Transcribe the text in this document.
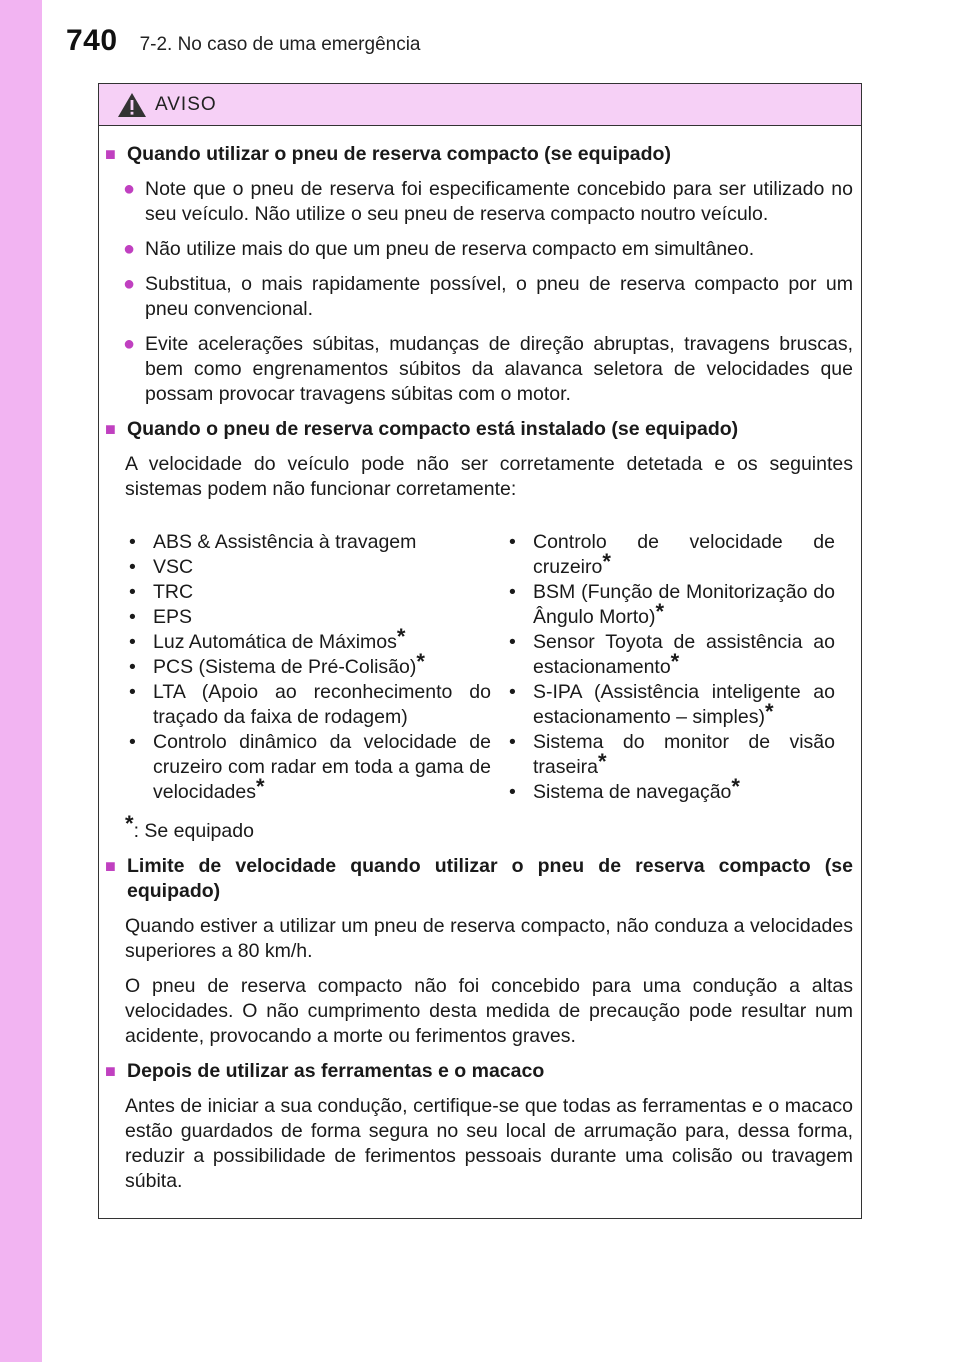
740 7-2. No caso de uma emergência
AVISO
■ Quando utilizar o pneu de reserva compacto (se equipado)
● Note que o pneu de reserva foi especificamente concebido para ser utilizado no seu veículo. Não utilize o seu pneu de reserva compacto noutro veículo.
● Não utilize mais do que um pneu de reserva compacto em simultâneo.
● Substitua, o mais rapidamente possível, o pneu de reserva compacto por um pneu convencional.
● Evite acelerações súbitas, mudanças de direção abruptas, travagens bruscas, bem como engrenamentos súbitos da alavanca seletora de velocidades que possam provocar travagens súbitas com o motor.
■ Quando o pneu de reserva compacto está instalado (se equipado)
A velocidade do veículo pode não ser corretamente detetada e os seguintes sistemas podem não funcionar corretamente:
• ABS & Assistência à travagem
• VSC
• TRC
• EPS
• Luz Automática de Máximos*
• PCS (Sistema de Pré-Colisão)*
• LTA (Apoio ao reconhecimento do traçado da faixa de rodagem)
• Controlo dinâmico da velocidade de cruzeiro com radar em toda a gama de velocidades*
• Controlo de velocidade de cruzeiro*
• BSM (Função de Monitorização do Ângulo Morto)*
• Sensor Toyota de assistência ao estacionamento*
• S-IPA (Assistência inteligente ao estacionamento – simples)*
• Sistema do monitor de visão traseira*
• Sistema de navegação*
*: Se equipado
■ Limite de velocidade quando utilizar o pneu de reserva compacto (se equipado)
Quando estiver a utilizar um pneu de reserva compacto, não conduza a velocidades superiores a 80 km/h.
O pneu de reserva compacto não foi concebido para uma condução a altas velocidades. O não cumprimento desta medida de precaução pode resultar num acidente, provocando a morte ou ferimentos graves.
■ Depois de utilizar as ferramentas e o macaco
Antes de iniciar a sua condução, certifique-se que todas as ferramentas e o macaco estão guardados de forma segura no seu local de arrumação para, dessa forma, reduzir a possibilidade de ferimentos pessoais durante uma colisão ou travagem súbita.
